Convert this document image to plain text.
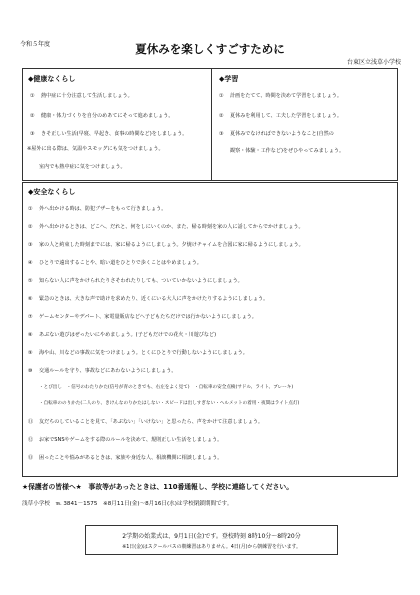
令和５年度	夏休みを楽しくすごすために
台東区立浅草小学校
◆健康なくらし
① 熱中症に十分注意して生活しましょう。
② 健康・体力づくりを自分のめあてにそって進めましょう。
③ きそ正しい生活(早寝、早起き、食事の時間など)をしましょう。
※屋外に出る際は、気温やスモッグにも気をつけましょう。
室内でも熱中症に気をつけましょう。
◆学習
① 計画をたてて、時間を決めて学習をしましょう。
② 夏休みを利用して、工夫した学習をしましょう。
③ 夏休みでなければできないようなこと(自然の
観察・体験・工作など)をぜひやってみましょう。
◆安全なくらし
① 外へ出かける時は、防犯ブザーをもって行きましょう。
② 外へ出かけるときは、どこへ、だれと、何をしにいくのか、また、帰る時刻を家の人に話してからでかけましょう。
③ 家の人と約束した時刻までには、家に帰るようにしましょう。夕焼けチャイムを合図に家に帰るようにしましょう。
④ ひとりで遠出することや、暗い道をひとりで歩くことはやめましょう。
⑤ 知らない人に声をかけられたりさそわれたりしても、ついていかないようにしましょう。
⑥ 緊急のときは、大きな声で助けを求めたり、近くにいる大人に声をかけたりするようにしましょう。
⑦ ゲームセンターやデパート、家電量販店などへ子どもたちだけでは行かないようにしましょう。
⑧ あぶない遊びはぜったいにやめましょう。(子どもだけでの花火・川遊びなど)
⑨ 海や山、川などの事故に気をつけましょう。とくにひとりで行動しないようにしましょう。
⑩ 交通ルールを守り、事故などにあわないようにしましょう。
・とび出し　・信号のわたりかた(信号が青のときでも、右左をよく見て)　・自転車の安全点検(サドル、ライト、ブレーキ)
・自転車ののりかた(二人のり、きけんなのりかたはしない・スピードは出しすぎない・ヘルメットの着用・夜間はライト点灯)
⑪ 友だちのしていることを見て、「あぶない」「いけない」と思ったら、声をかけて注意しましょう。
⑫ お家でSNSやゲームをする際のルールを決めて、規則正しい生活をしましょう。
⑬ 困ったことや悩みがあるときは、家族や身近な人、相談機関に相談しましょう。
★保護者の皆様へ★　事故等があったときは、110番通報し、学校に連絡してください。
浅草小学校　℡ 3841－1575　※8月11日(金)～8月16日(水)は学校閉鎖期間です。
2学期の始業式は、9月1日(金)です。登校時刻 8時10分～8時20分
※1日(金)はスクールバスの朝練習はありません。4日(月)から朝練習を行います。
